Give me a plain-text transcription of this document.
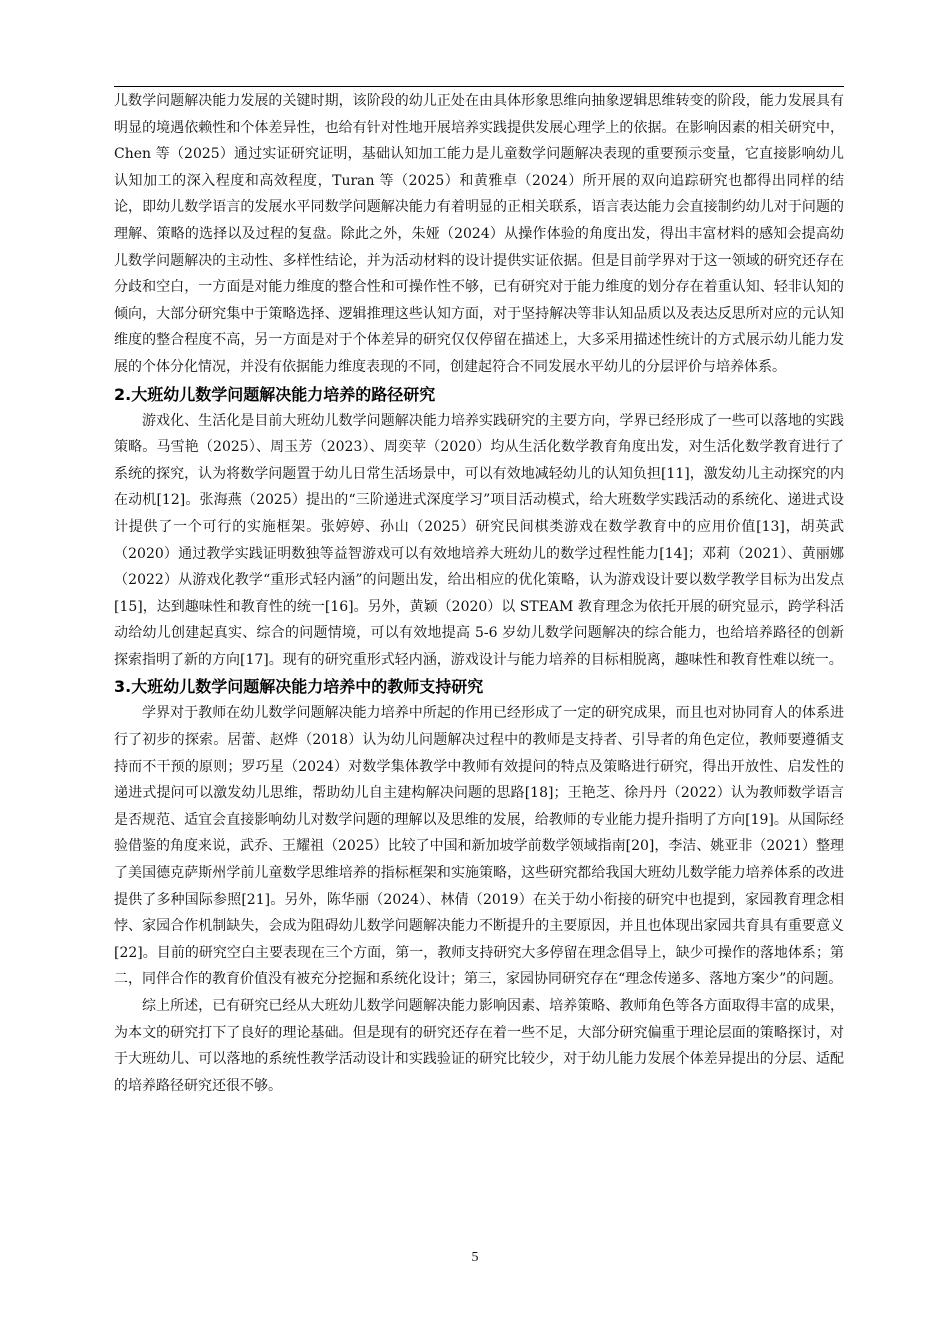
儿数学问题解决能力发展的关键时期，该阶段的幼儿正处在由具体形象思维向抽象逻辑思维转变的阶段，能力发展具有明显的境遇依赖性和个体差异性，也给有针对性地开展培养实践提供发展心理学上的依据。在影响因素的相关研究中，Chen 等（2025）通过实证研究证明，基础认知加工能力是儿童数学问题解决表现的重要预示变量，它直接影响幼儿认知加工的深入程度和高效程度，Turan 等（2025）和黄雅卓（2024）所开展的双向追踪研究也都得出同样的结论，即幼儿数学语言的发展水平同数学问题解决能力有着明显的正相关联系，语言表达能力会直接制约幼儿对于问题的理解、策略的选择以及过程的复盘。除此之外，朱娅（2024）从操作体验的角度出发，得出丰富材料的感知会提高幼儿数学问题解决的主动性、多样性结论，并为活动材料的设计提供实证依据。但是目前学界对于这一领域的研究还存在分歧和空白，一方面是对能力维度的整合性和可操作性不够，已有研究对于能力维度的划分存在着重认知、轻非认知的倾向，大部分研究集中于策略选择、逻辑推理这些认知方面，对于坚持解决等非认知品质以及表达反思所对应的元认知维度的整合程度不高，另一方面是对于个体差异的研究仅仅停留在描述上，大多采用描述性统计的方式展示幼儿能力发展的个体分化情况，并没有依据能力维度表现的不同，创建起符合不同发展水平幼儿的分层评价与培养体系。

2.大班幼儿数学问题解决能力培养的路径研究

游戏化、生活化是目前大班幼儿数学问题解决能力培养实践研究的主要方向，学界已经形成了一些可以落地的实践策略。马雪艳（2025）、周玉芳（2023）、周奕苹（2020）均从生活化数学教育角度出发，对生活化数学教育进行了系统的探究，认为将数学问题置于幼儿日常生活场景中，可以有效地减轻幼儿的认知负担[11]，激发幼儿主动探究的内在动机[12]。张海燕（2025）提出的“三阶递进式深度学习”项目活动模式，给大班数学实践活动的系统化、递进式设计提供了一个可行的实施框架。张婷婷、孙山（2025）研究民间棋类游戏在数学教育中的应用价值[13]，胡英武（2020）通过教学实践证明数独等益智游戏可以有效地培养大班幼儿的数学过程性能力[14]；邓莉（2021）、黄丽娜（2022）从游戏化教学“重形式轻内涵”的问题出发，给出相应的优化策略，认为游戏设计要以数学教学目标为出发点[15]，达到趣味性和教育性的统一[16]。另外，黄颖（2020）以 STEAM 教育理念为依托开展的研究显示，跨学科活动给幼儿创建起真实、综合的问题情境，可以有效地提高 5-6 岁幼儿数学问题解决的综合能力，也给培养路径的创新探索指明了新的方向[17]。现有的研究重形式轻内涵，游戏设计与能力培养的目标相脱离，趣味性和教育性难以统一。

3.大班幼儿数学问题解决能力培养中的教师支持研究

学界对于教师在幼儿数学问题解决能力培养中所起的作用已经形成了一定的研究成果，而且也对协同育人的体系进行了初步的探索。居蕾、赵烨（2018）认为幼儿问题解决过程中的教师是支持者、引导者的角色定位，教师要遵循支持而不干预的原则；罗巧星（2024）对数学集体教学中教师有效提问的特点及策略进行研究，得出开放性、启发性的递进式提问可以激发幼儿思维，帮助幼儿自主建构解决问题的思路[18]；王艳芝、徐丹丹（2022）认为教师数学语言是否规范、适宜会直接影响幼儿对数学问题的理解以及思维的发展，给教师的专业能力提升指明了方向[19]。从国际经验借鉴的角度来说，武乔、王耀祖（2025）比较了中国和新加坡学前数学领域指南[20]，李洁、姚亚非（2021）整理了美国德克萨斯州学前儿童数学思维培养的指标框架和实施策略，这些研究都给我国大班幼儿数学能力培养体系的改进提供了多种国际参照[21]。另外，陈华丽（2024）、林倩（2019）在关于幼小衔接的研究中也提到，家园教育理念相悖、家园合作机制缺失，会成为阻碍幼儿数学问题解决能力不断提升的主要原因，并且也体现出家园共育具有重要意义[22]。目前的研究空白主要表现在三个方面，第一，教师支持研究大多停留在理念倡导上，缺少可操作的落地体系；第二，同伴合作的教育价值没有被充分挖掘和系统化设计；第三，家园协同研究存在“理念传递多、落地方案少”的问题。

综上所述，已有研究已经从大班幼儿数学问题解决能力影响因素、培养策略、教师角色等各方面取得丰富的成果，为本文的研究打下了良好的理论基础。但是现有的研究还存在着一些不足，大部分研究偏重于理论层面的策略探讨，对于大班幼儿、可以落地的系统性教学活动设计和实践验证的研究比较少，对于幼儿能力发展个体差异提出的分层、适配的培养路径研究还很不够。

5
